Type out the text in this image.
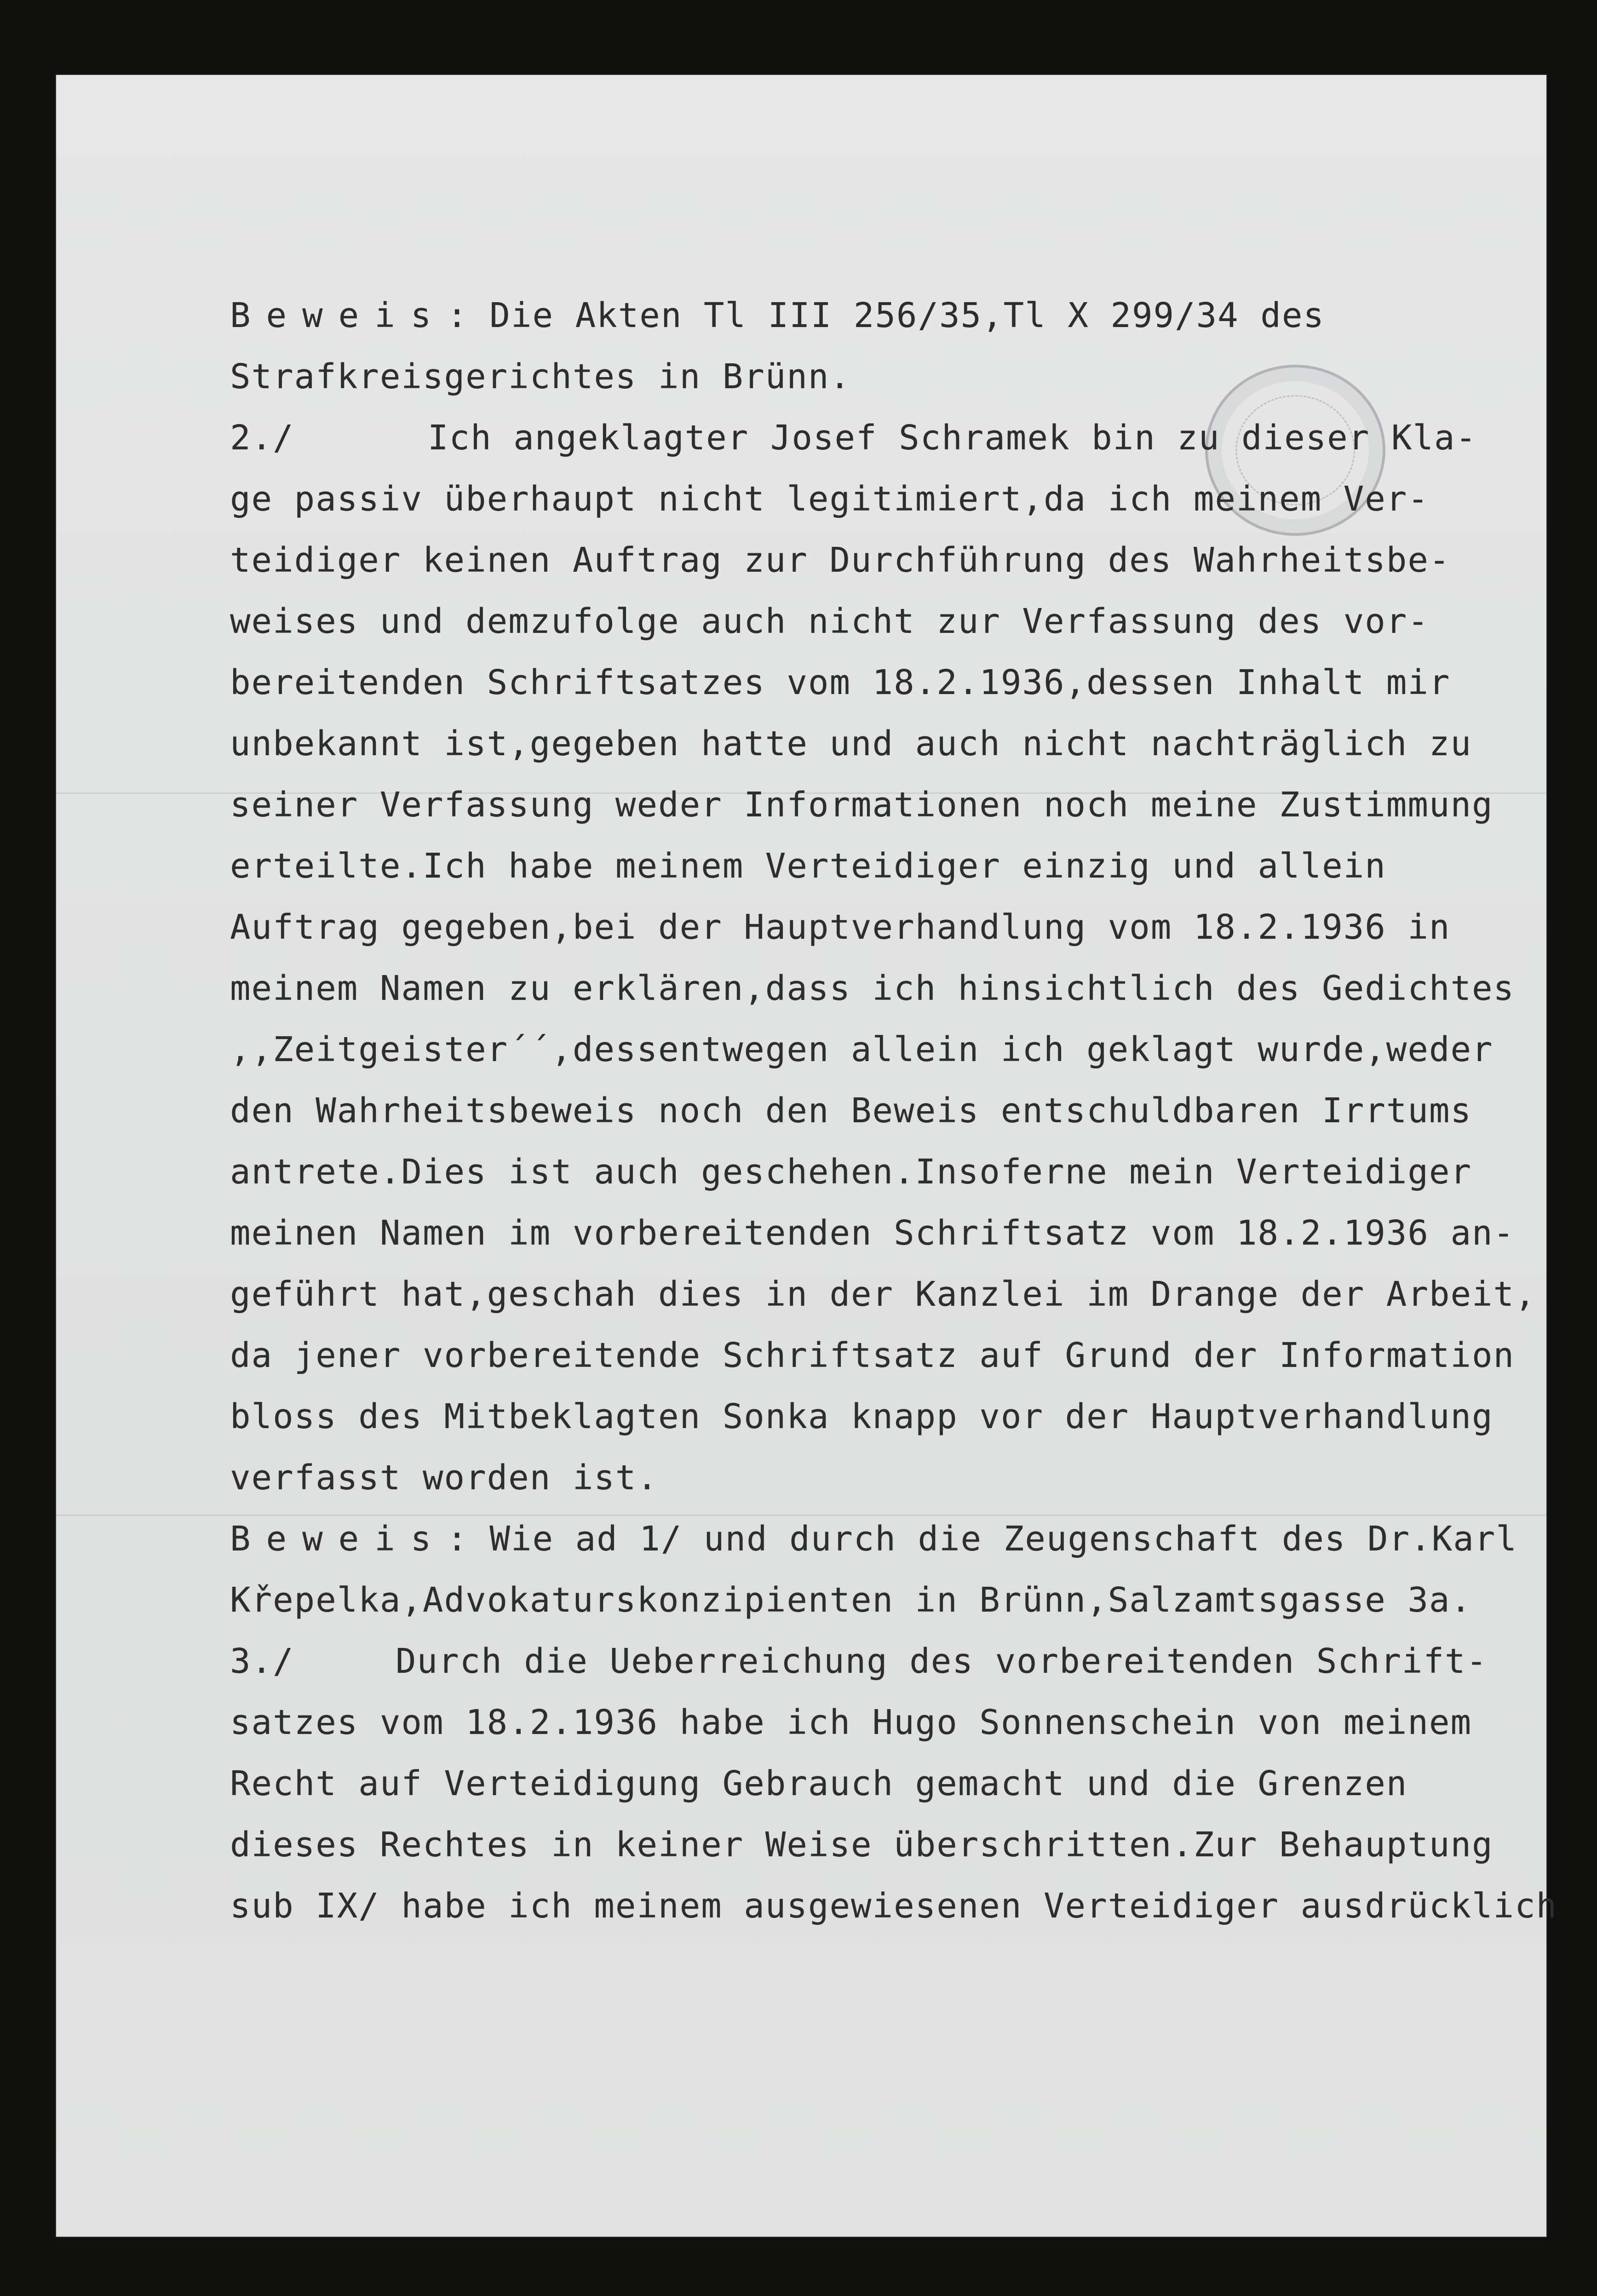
Beweis: Die Akten Tl III 256/35,Tl X 299/34 des
Strafkreisgerichtes in Brünn.
2./	Ich angeklagter Josef Schramek bin zu dieser Kla-
ge passiv überhaupt nicht legitimiert,da ich meinem Ver-
teidiger keinen Auftrag zur Durchführung des Wahrheitsbe-
weises und demzufolge auch nicht zur Verfassung des vor-
bereitenden Schriftsatzes vom 18.2.1936,dessen Inhalt mir
unbekannt ist,gegeben hatte und auch nicht nachträglich zu
seiner Verfassung weder Informationen noch meine Zustimmung
erteilte.Ich habe meinem Verteidiger einzig und allein
Auftrag gegeben,bei der Hauptverhandlung vom 18.2.1936 in
meinem Namen zu erklären,dass ich hinsichtlich des Gedichtes
,,Zeitgeister´´,dessentwegen allein ich geklagt wurde,weder
den Wahrheitsbeweis noch den Beweis entschuldbaren Irrtums
antrete.Dies ist auch geschehen.Insoferne mein Verteidiger
meinen Namen im vorbereitenden Schriftsatz vom 18.2.1936 an-
geführt hat,geschah dies in der Kanzlei im Drange der Arbeit,
da jener vorbereitende Schriftsatz auf Grund der Information
bloss des Mitbeklagten Sonka knapp vor der Hauptverhandlung
verfasst worden ist.
Beweis: Wie ad 1/ und durch die Zeugenschaft des Dr.Karl
Křepelka,Advokaturskonzipienten in Brünn,Salzamtsgasse 3a.
3./	Durch die Ueberreichung des vorbereitenden Schrift-
satzes vom 18.2.1936 habe ich Hugo Sonnenschein von meinem
Recht auf Verteidigung Gebrauch gemacht und die Grenzen
dieses Rechtes in keiner Weise überschritten.Zur Behauptung
sub IX/ habe ich meinem ausgewiesenen Verteidiger ausdrücklich
